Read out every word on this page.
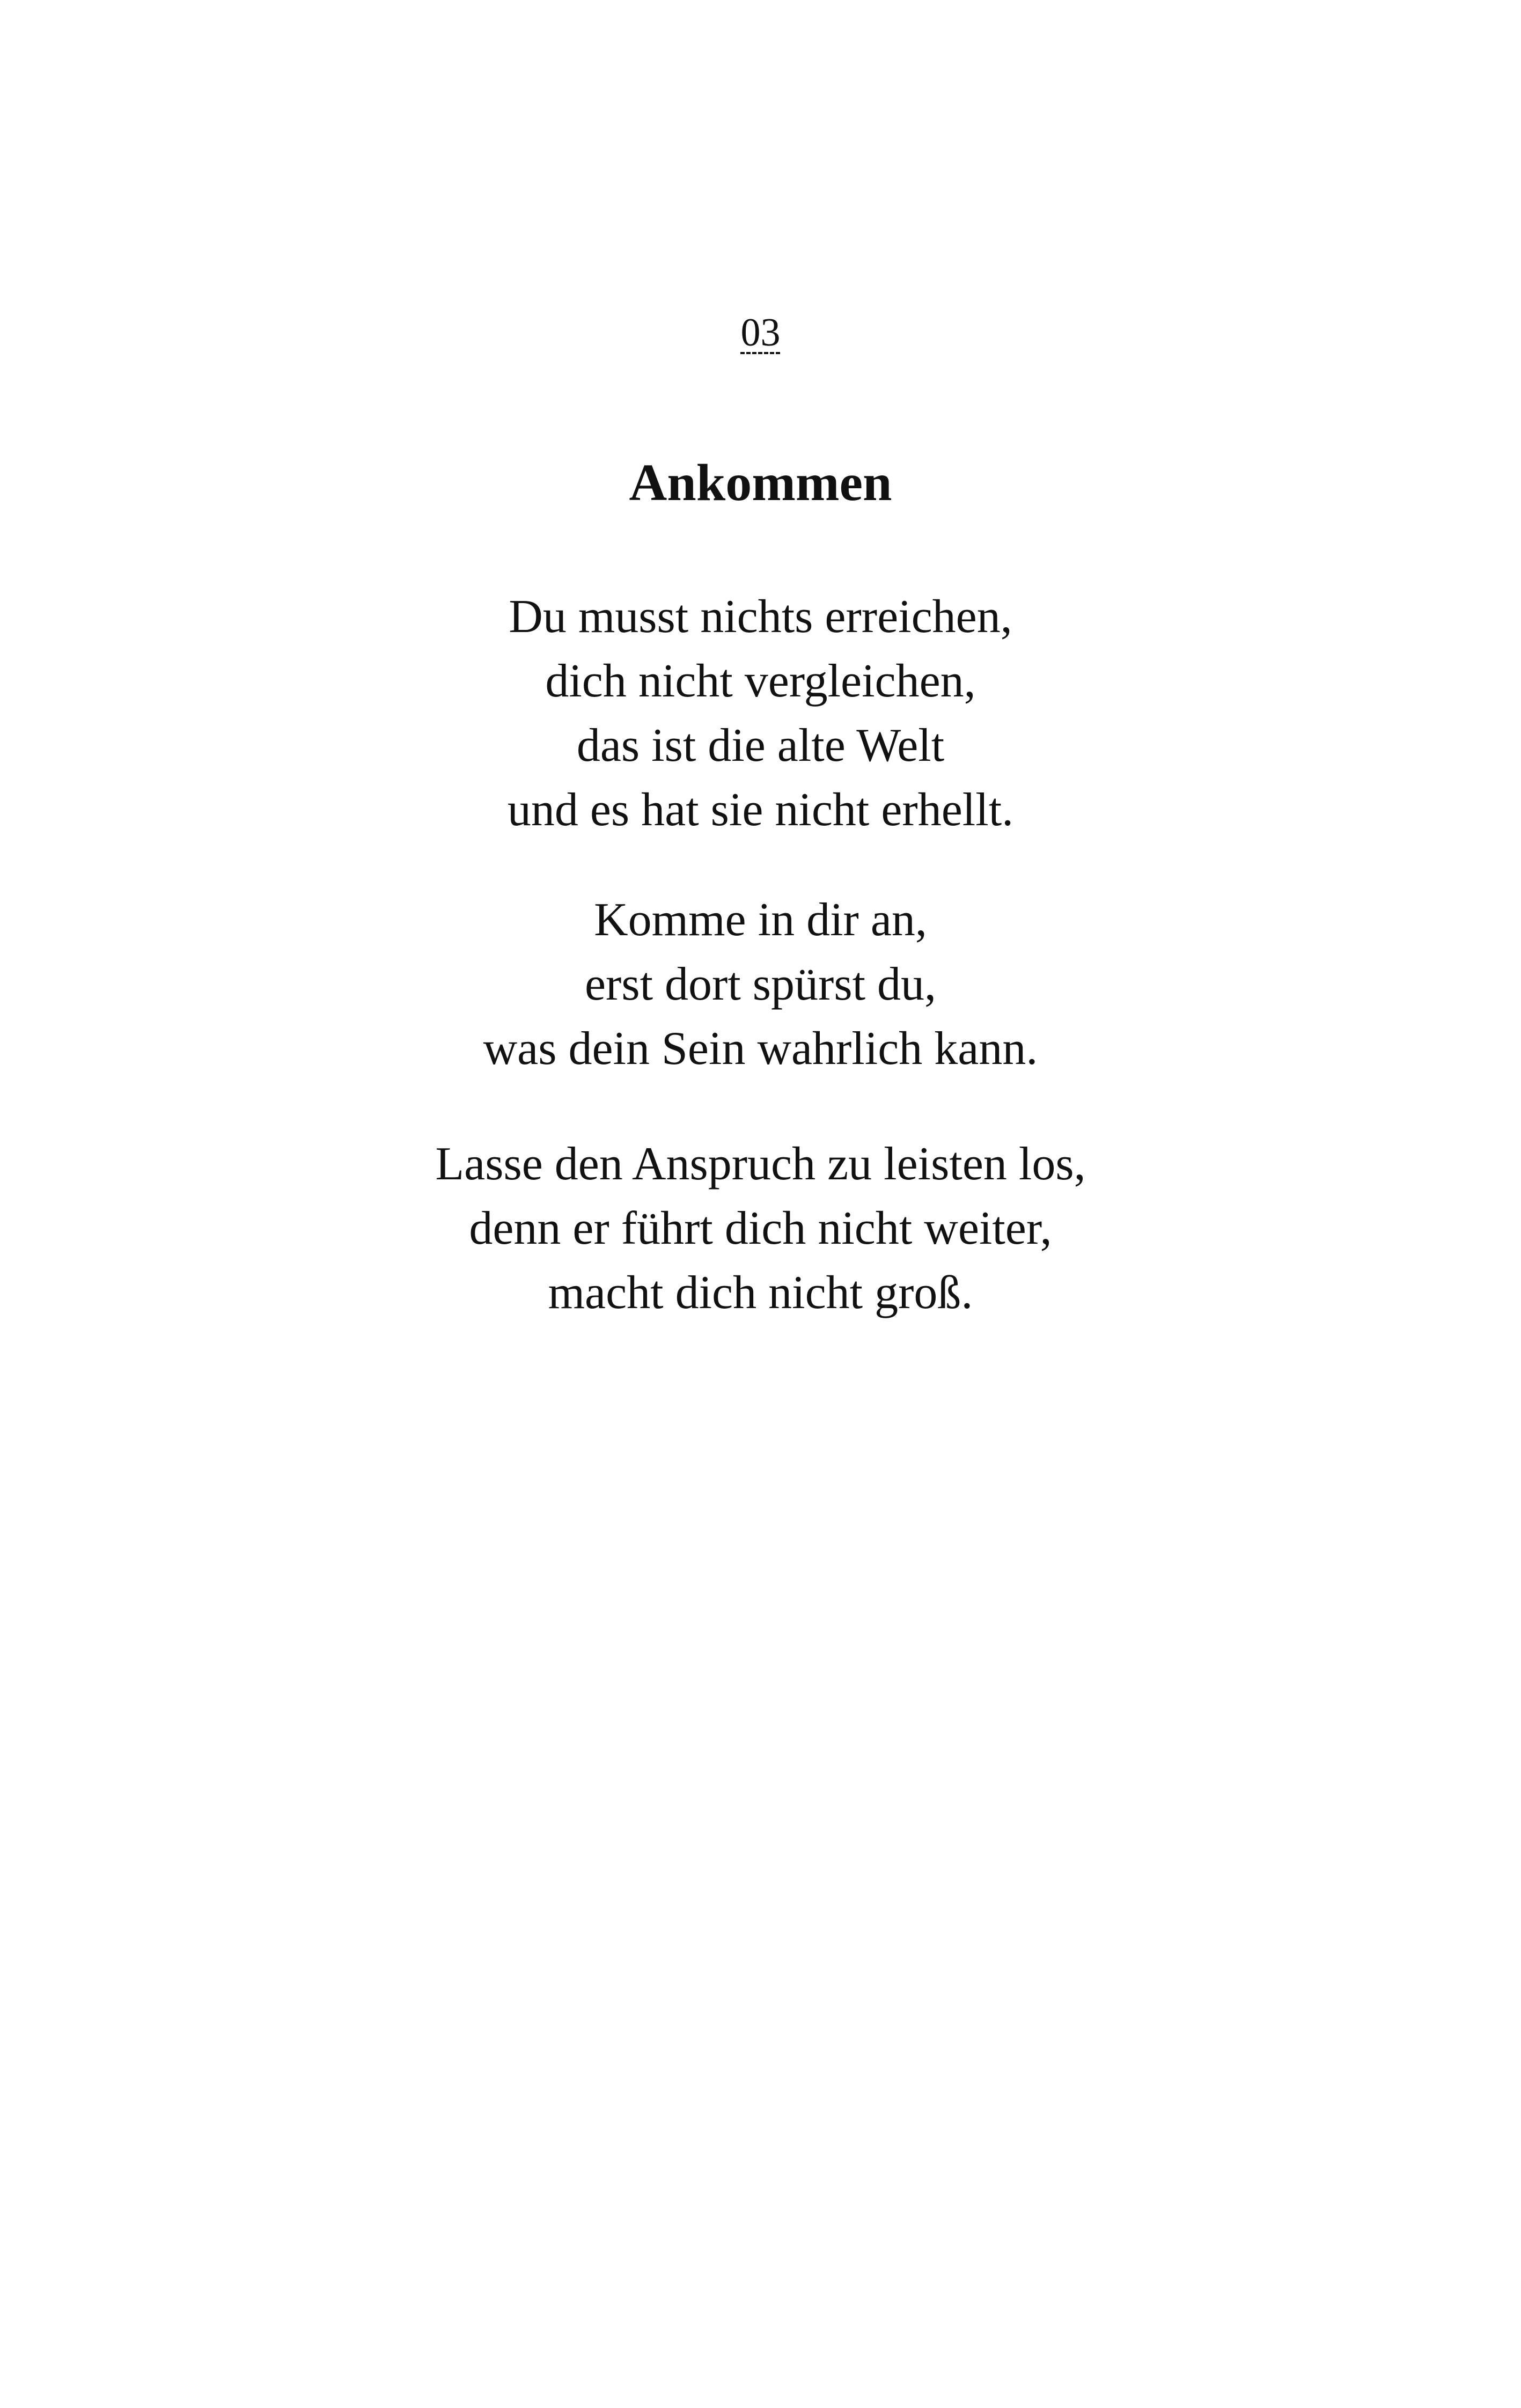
03
Ankommen
Du musst nichts erreichen,
dich nicht vergleichen,
das ist die alte Welt
und es hat sie nicht erhellt.
Komme in dir an,
erst dort spürst du,
was dein Sein wahrlich kann.
Lasse den Anspruch zu leisten los,
denn er führt dich nicht weiter,
macht dich nicht groß.
